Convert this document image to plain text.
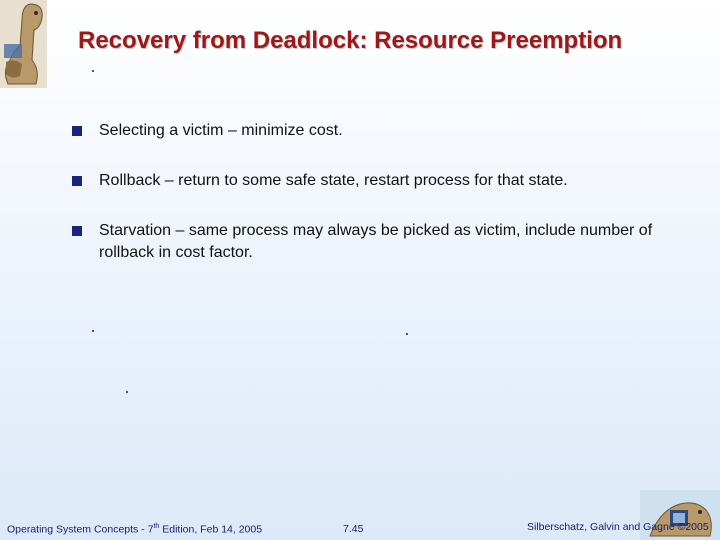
Recovery from Deadlock: Resource Preemption
Selecting a victim – minimize cost.
Rollback – return to some safe state, restart process for that state.
Starvation – same process may always be picked as victim, include number of rollback in cost factor.
Operating System Concepts - 7th Edition, Feb 14, 2005	7.45	Silberschatz, Galvin and Gagne ©2005
